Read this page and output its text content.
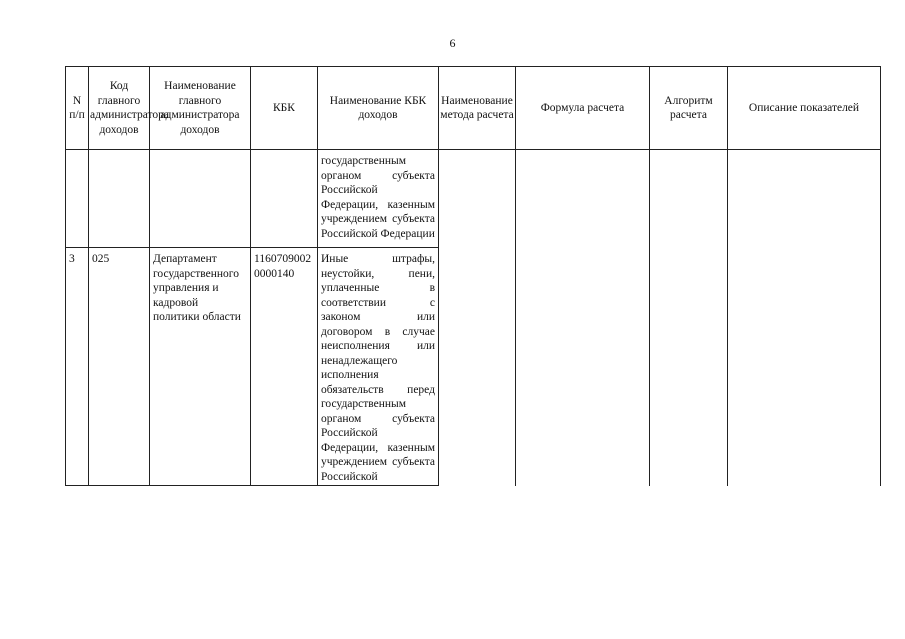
6
N п/п	Код главного администратора доходов	Наименование главного администратора доходов	КБК	Наименование КБК доходов	Наименование метода расчета	Формула расчета	Алгоритм расчета	Описание показателей
				государственным органом субъекта Российской Федерации, казенным учреждением субъекта Российской Федерации				
3	025	Департамент государственного управления и кадровой политики области	11607090020000140	Иные штрафы, неустойки, пени, уплаченные в соответствии с законом или договором в случае неисполнения или ненадлежащего исполнения обязательств перед государственным органом субъекта Российской Федерации, казенным учреждением субъекта Российской				
